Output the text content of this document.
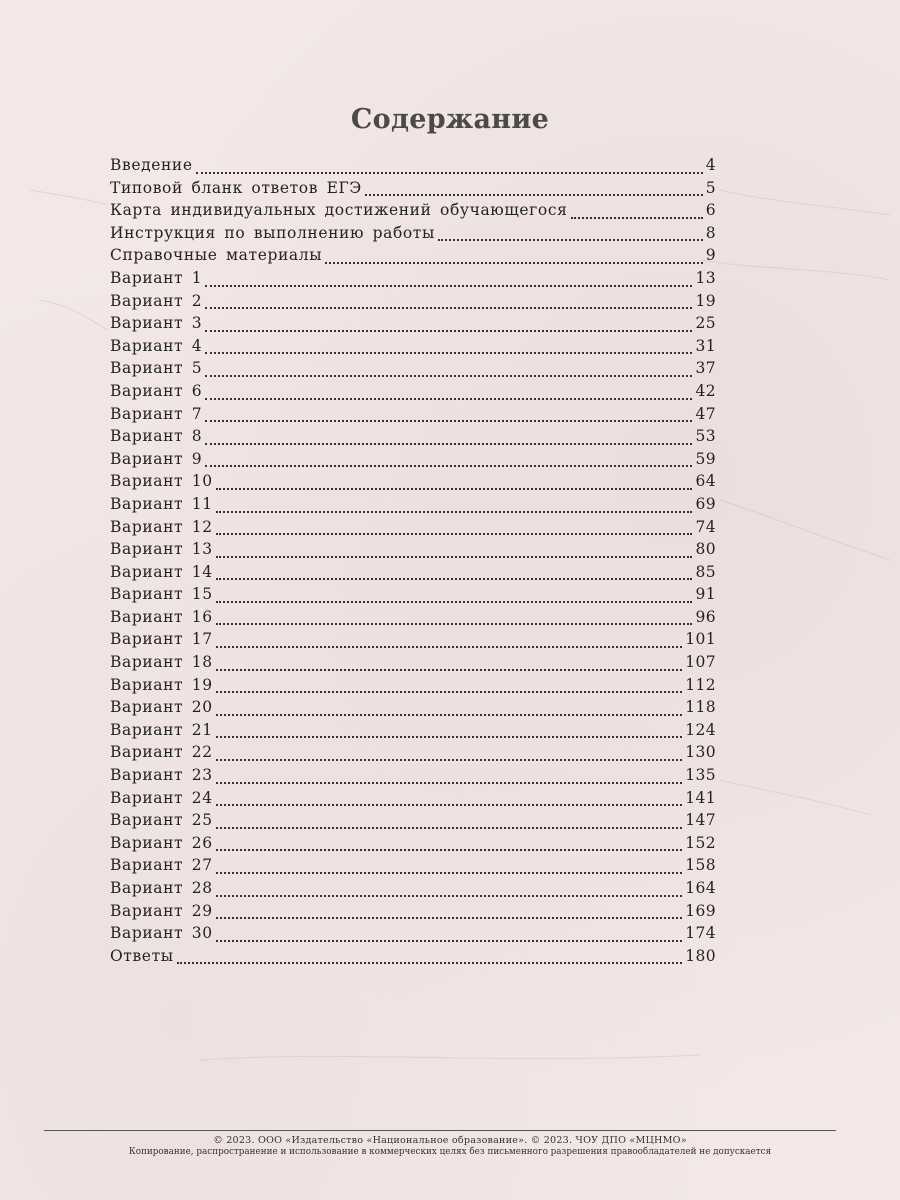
Содержание
Введение	4
Типовой бланк ответов ЕГЭ	5
Карта индивидуальных достижений обучающегося	6
Инструкция по выполнению работы	8
Справочные материалы	9
Вариант 1	13
Вариант 2	19
Вариант 3	25
Вариант 4	31
Вариант 5	37
Вариант 6	42
Вариант 7	47
Вариант 8	53
Вариант 9	59
Вариант 10	64
Вариант 11	69
Вариант 12	74
Вариант 13	80
Вариант 14	85
Вариант 15	91
Вариант 16	96
Вариант 17	101
Вариант 18	107
Вариант 19	112
Вариант 20	118
Вариант 21	124
Вариант 22	130
Вариант 23	135
Вариант 24	141
Вариант 25	147
Вариант 26	152
Вариант 27	158
Вариант 28	164
Вариант 29	169
Вариант 30	174
Ответы	180
© 2023. ООО «Издательство «Национальное образование». © 2023. ЧОУ ДПО «МЦНМО»
Копирование, распространение и использование в коммерческих целях без письменного разрешения правообладателей не допускается
